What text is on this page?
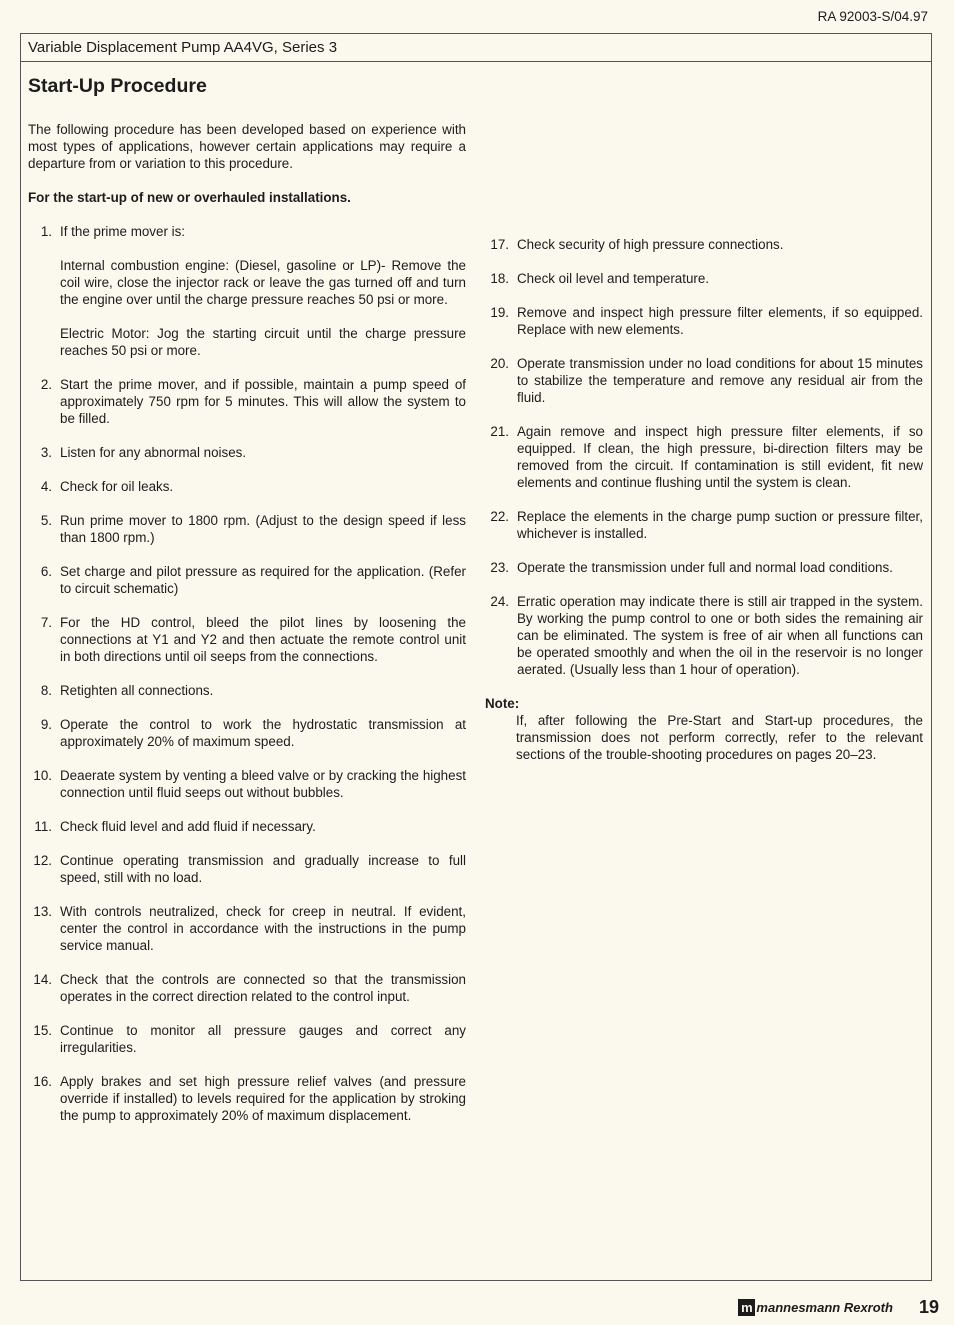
RA 92003-S/04.97
Variable Displacement Pump AA4VG, Series 3
Start-Up Procedure

The following procedure has been developed based on experience with most types of applications, however certain applications may require a departure from or variation to this procedure.

For the start-up of new or overhauled installations.

1. If the prime mover is:

Internal combustion engine: (Diesel, gasoline or LP)- Remove the coil wire, close the injector rack or leave the gas turned off and turn the engine over until the charge pressure reaches 50 psi or more.

Electric Motor: Jog the starting circuit until the charge pressure reaches 50 psi or more.

2. Start the prime mover, and if possible, maintain a pump speed of approximately 750 rpm for 5 minutes. This will allow the system to be filled.

3. Listen for any abnormal noises.

4. Check for oil leaks.

5. Run prime mover to 1800 rpm. (Adjust to the design speed if less than 1800 rpm.)

6. Set charge and pilot pressure as required for the application. (Refer to circuit schematic)

7. For the HD control, bleed the pilot lines by loosening the connections at Y1 and Y2 and then actuate the remote control unit in both directions until oil seeps from the connections.

8. Retighten all connections.

9. Operate the control to work the hydrostatic transmission at approximately 20% of maximum speed.

10. Deaerate system by venting a bleed valve or by cracking the highest connection until fluid seeps out without bubbles.

11. Check fluid level and add fluid if necessary.

12. Continue operating transmission and gradually increase to full speed, still with no load.

13. With controls neutralized, check for creep in neutral. If evident, center the control in accordance with the instructions in the pump service manual.

14. Check that the controls are connected so that the transmission operates in the correct direction related to the control input.

15. Continue to monitor all pressure gauges and correct any irregularities.

16. Apply brakes and set high pressure relief valves (and pressure override if installed) to levels required for the application by stroking the pump to approximately 20% of maximum displacement.

17. Check security of high pressure connections.

18. Check oil level and temperature.

19. Remove and inspect high pressure filter elements, if so equipped. Replace with new elements.

20. Operate transmission under no load conditions for about 15 minutes to stabilize the temperature and remove any residual air from the fluid.

21. Again remove and inspect high pressure filter elements, if so equipped. If clean, the high pressure, bi-direction filters may be removed from the circuit. If contamination is still evident, fit new elements and continue flushing until the system is clean.

22. Replace the elements in the charge pump suction or pressure filter, whichever is installed.

23. Operate the transmission under full and normal load conditions.

24. Erratic operation may indicate there is still air trapped in the system. By working the pump control to one or both sides the remaining air can be eliminated. The system is free of air when all functions can be operated smoothly and when the oil in the reservoir is no longer aerated. (Usually less than 1 hour of operation).

Note:

If, after following the Pre-Start and Start-up procedures, the transmission does not perform correctly, refer to the relevant sections of the trouble-shooting procedures on pages 20–23.

m mannesmann Rexroth 19
